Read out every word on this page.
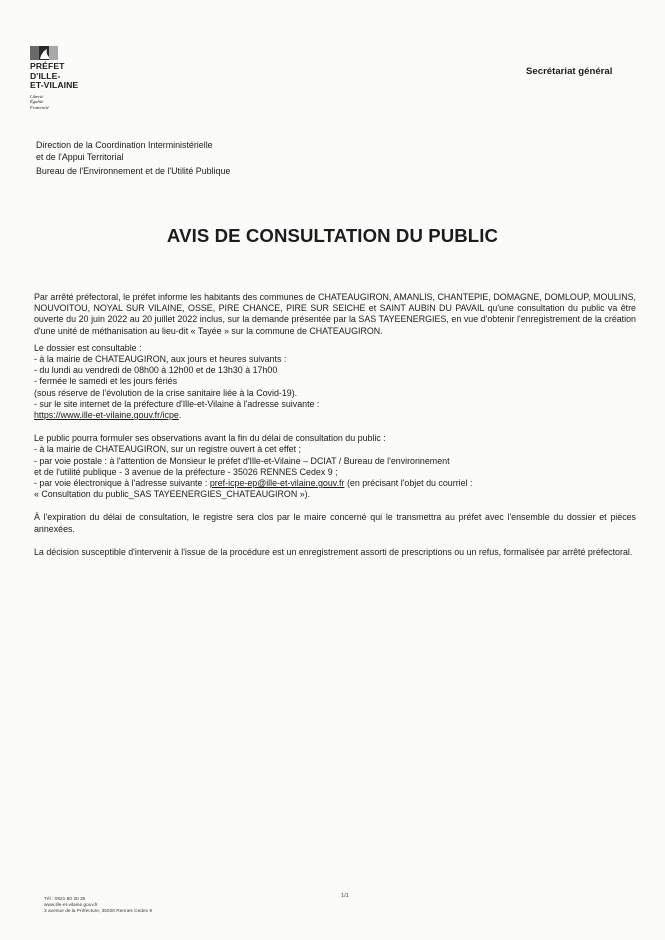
PRÉFET
D'ILLE-
ET-VILAINE
Liberté
Égalité
Fraternité
Secrétariat général
Direction de la Coordination Interministérielle
et de l'Appui Territorial
Bureau de l'Environnement et de l'Utilité Publique
AVIS DE CONSULTATION DU PUBLIC

Par arrêté préfectoral, le préfet informe les habitants des communes de CHATEAUGIRON, AMANLIS, CHANTEPIE, DOMAGNE, DOMLOUP, MOULINS, NOUVOITOU, NOYAL SUR VILAINE, OSSE, PIRE CHANCE, PIRE SUR SEICHE et SAINT AUBIN DU PAVAIL qu'une consultation du public va être ouverte du 20 juin 2022 au 20 juillet 2022 inclus, sur la demande présentée par la SAS TAYEENERGIES, en vue d'obtenir l'enregistrement de la création d'une unité de méthanisation au lieu-dit « Tayée » sur la commune de CHATEAUGIRON.

Le dossier est consultable :

- à la mairie de CHATEAUGIRON, aux jours et heures suivants :

- du lundi au vendredi de 08h00 à 12h00 et de 13h30 à 17h00

- fermée le samedi et les jours fériés

(sous réserve de l'évolution de la crise sanitaire liée à la Covid-19).

- sur le site internet de la préfecture d'Ille-et-Vilaine à l'adresse suivante :

https://www.ille-et-vilaine.gouv.fr/icpe.

Le public pourra formuler ses observations avant la fin du délai de consultation du public :

- à la mairie de CHATEAUGIRON, sur un registre ouvert à cet effet ;

- par voie postale : à l'attention de Monsieur le préfet d'Ille-et-Vilaine – DCIAT / Bureau de l'environnement

et de l'utilité publique - 3 avenue de la préfecture - 35026 RENNES Cedex 9 ;

- par voie électronique à l'adresse suivante : pref-icpe-ep@ille-et-vilaine.gouv.fr (en précisant l'objet du courriel :

« Consultation du public_SAS TAYEENERGIES_CHATEAUGIRON »).

À l'expiration du délai de consultation, le registre sera clos par le maire concerné qui le transmettra au préfet avec l'ensemble du dossier et pièces annexées.

La décision susceptible d'intervenir à l'issue de la procédure est un enregistrement assorti de prescriptions ou un refus, formalisée par arrêté préfectoral.

1/1
Tél : 0821 80 30 35
www.ille-et-vilaine.gouv.fr
3 avenue de la Préfecture, 35026 Rennes Cedex 9
